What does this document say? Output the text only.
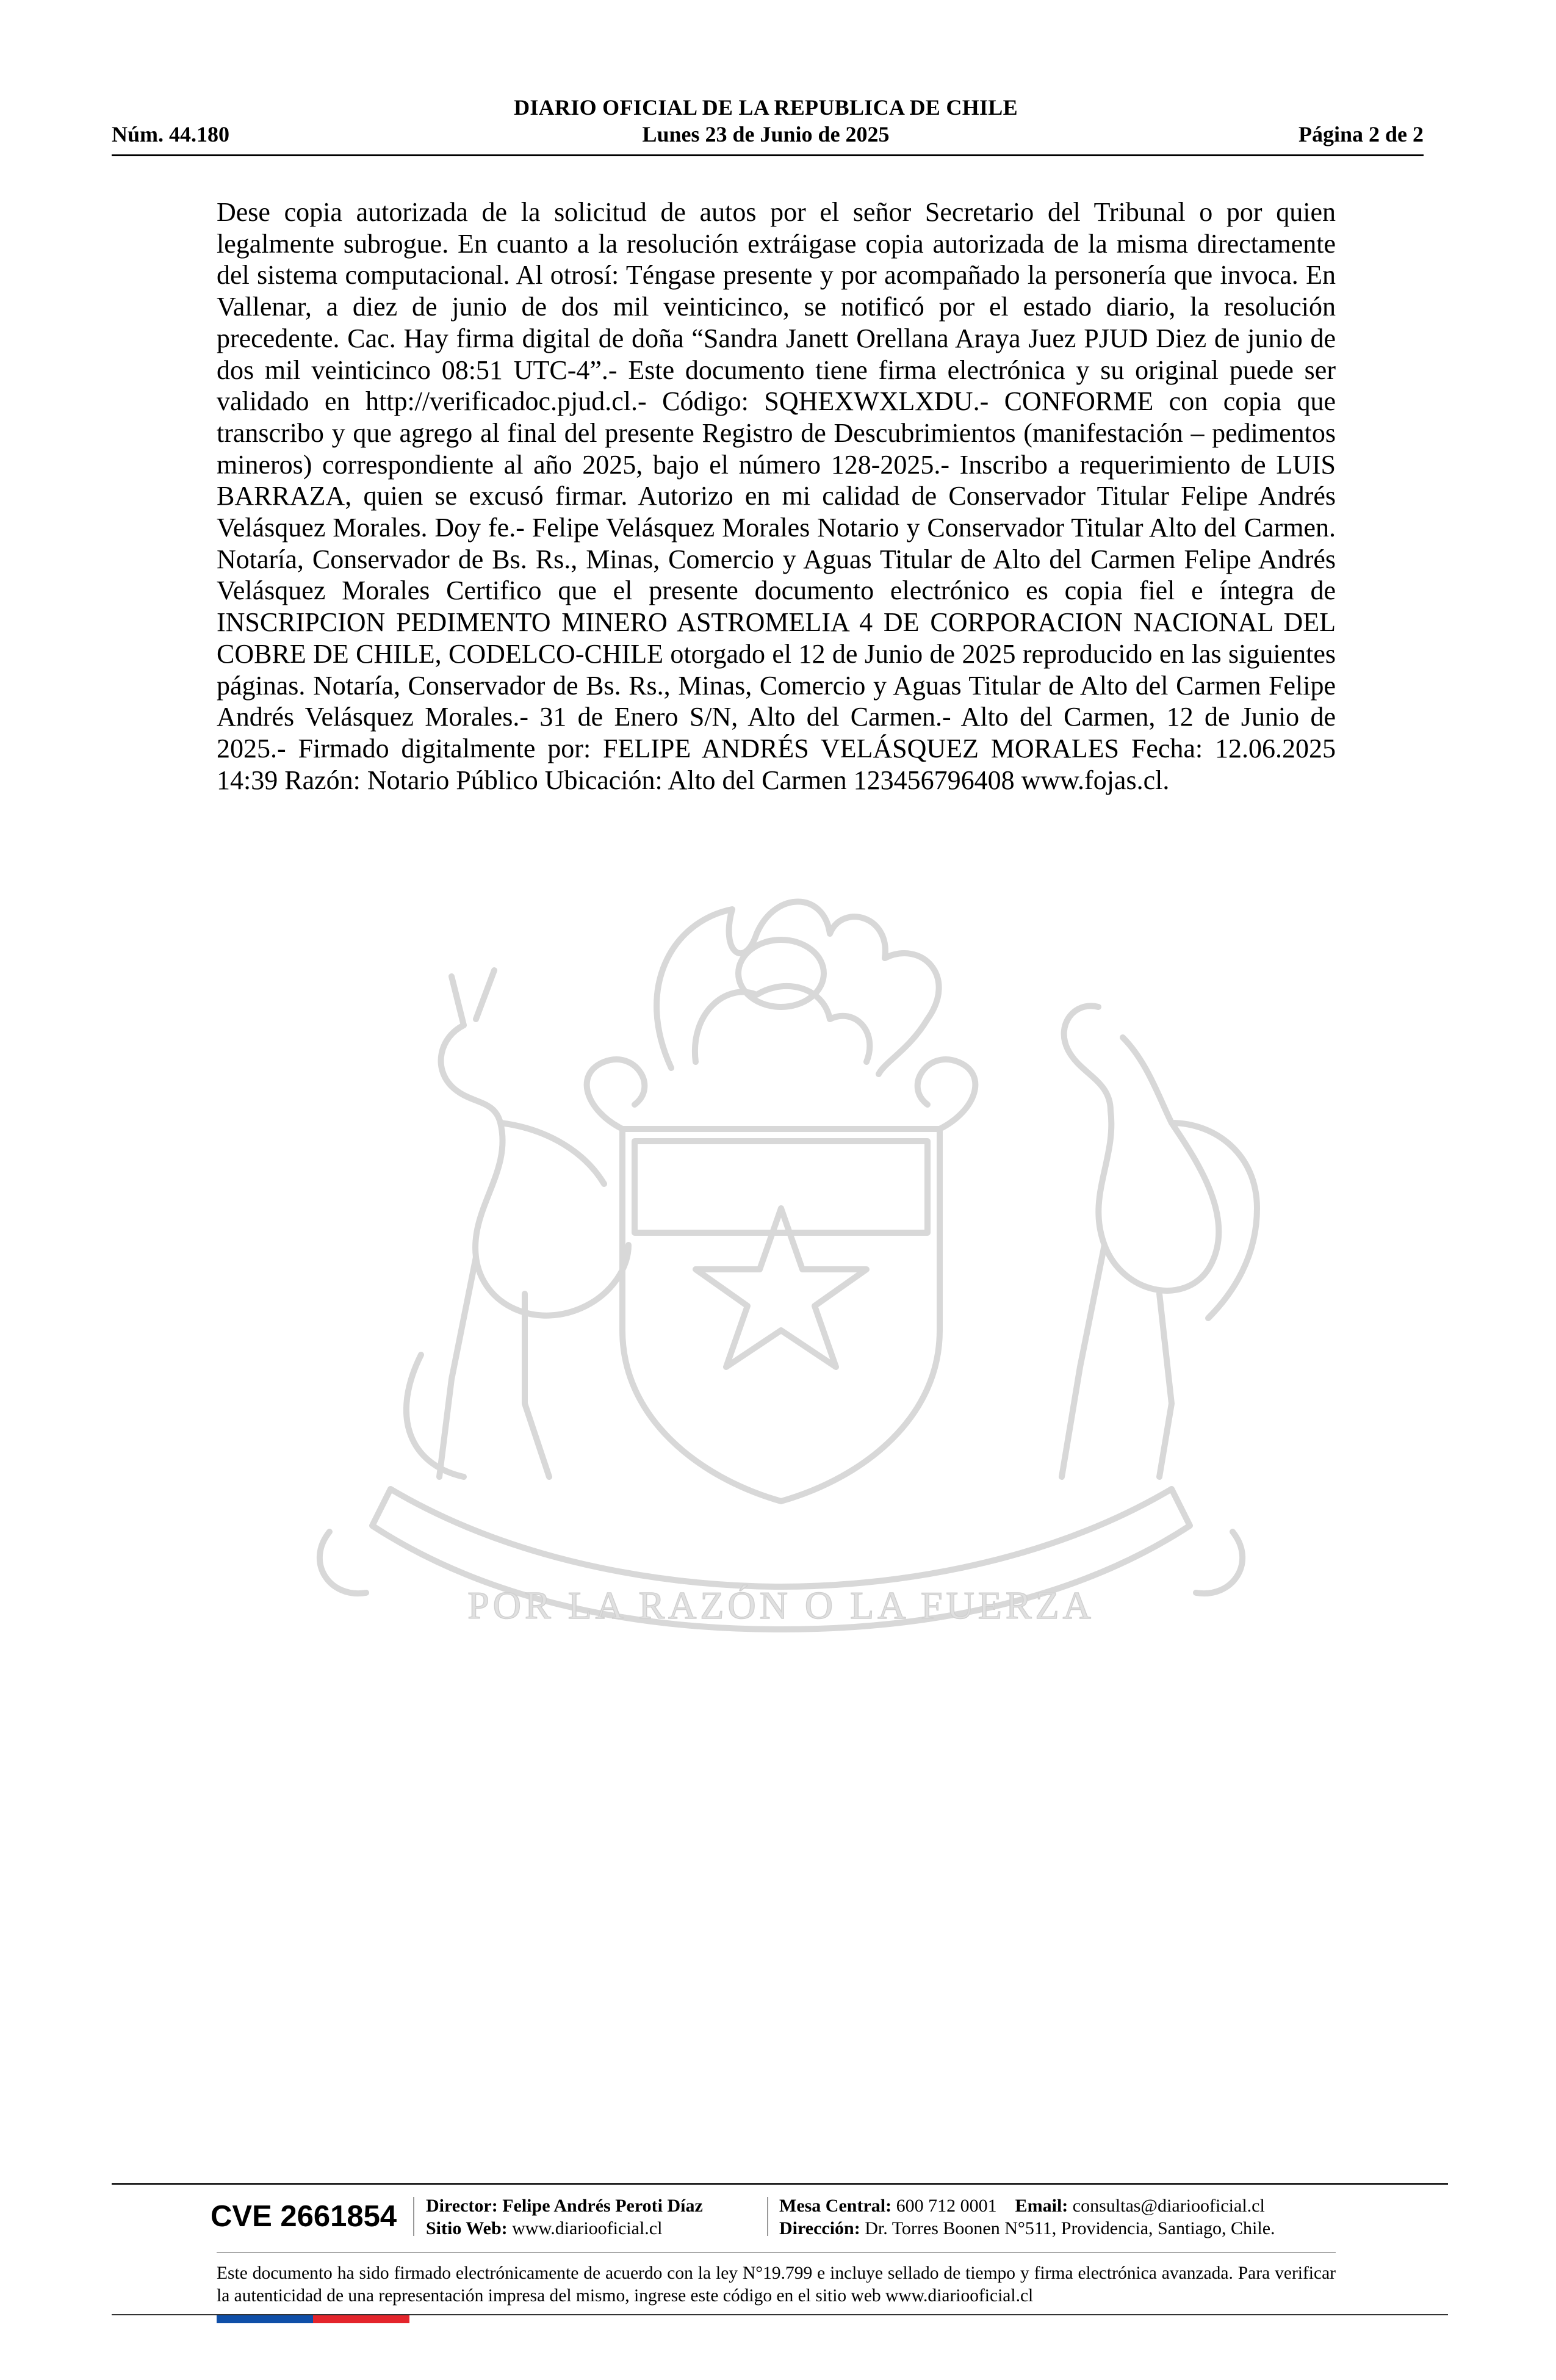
DIARIO OFICIAL DE LA REPUBLICA DE CHILE
Núm. 44.180	Lunes 23 de Junio de 2025	Página 2 de 2
POR LA RAZÓN O LA FUERZA
Dese copia autorizada de la solicitud de autos por el señor Secretario del Tribunal o por quien legalmente subrogue. En cuanto a la resolución extráigase copia autorizada de la misma directamente del sistema computacional. Al otrosí: Téngase presente y por acompañado la personería que invoca. En Vallenar, a diez de junio de dos mil veinticinco, se notificó por el estado diario, la resolución precedente. Cac. Hay firma digital de doña “Sandra Janett Orellana Araya Juez PJUD Diez de junio de dos mil veinticinco 08:51 UTC-4”.- Este documento tiene firma electrónica y su original puede ser validado en http://verificadoc.pjud.cl.- Código: SQHEXWXLXDU.- CONFORME con copia que transcribo y que agrego al final del presente Registro de Descubrimientos (manifestación – pedimentos mineros) correspondiente al año 2025, bajo el número 128-2025.- Inscribo a requerimiento de LUIS BARRAZA, quien se excusó firmar. Autorizo en mi calidad de Conservador Titular Felipe Andrés Velásquez Morales. Doy fe.- Felipe Velásquez Morales Notario y Conservador Titular Alto del Carmen. Notaría, Conservador de Bs. Rs., Minas, Comercio y Aguas Titular de Alto del Carmen Felipe Andrés Velásquez Morales Certifico que el presente documento electrónico es copia fiel e íntegra de INSCRIPCION PEDIMENTO MINERO ASTROMELIA 4 DE CORPORACION NACIONAL DEL COBRE DE CHILE, CODELCO-CHILE otorgado el 12 de Junio de 2025 reproducido en las siguientes páginas. Notaría, Conservador de Bs. Rs., Minas, Comercio y Aguas Titular de Alto del Carmen Felipe Andrés Velásquez Morales.- 31 de Enero S/N, Alto del Carmen.- Alto del Carmen, 12 de Junio de 2025.- Firmado digitalmente por: FELIPE ANDRÉS VELÁSQUEZ MORALES Fecha: 12.06.2025 14:39 Razón: Notario Público Ubicación: Alto del Carmen 123456796408 www.fojas.cl.
CVE 2661854	Director: Felipe Andrés Peroti Díaz
Sitio Web: www.diariooficial.cl
Mesa Central: 600 712 0001 Email: consultas@diariooficial.cl
Dirección: Dr. Torres Boonen N°511, Providencia, Santiago, Chile.
Este documento ha sido firmado electrónicamente de acuerdo con la ley N°19.799 e incluye sellado de tiempo y firma electrónica avanzada. Para verificar la autenticidad de una representación impresa del mismo, ingrese este código en el sitio web www.diariooficial.cl
